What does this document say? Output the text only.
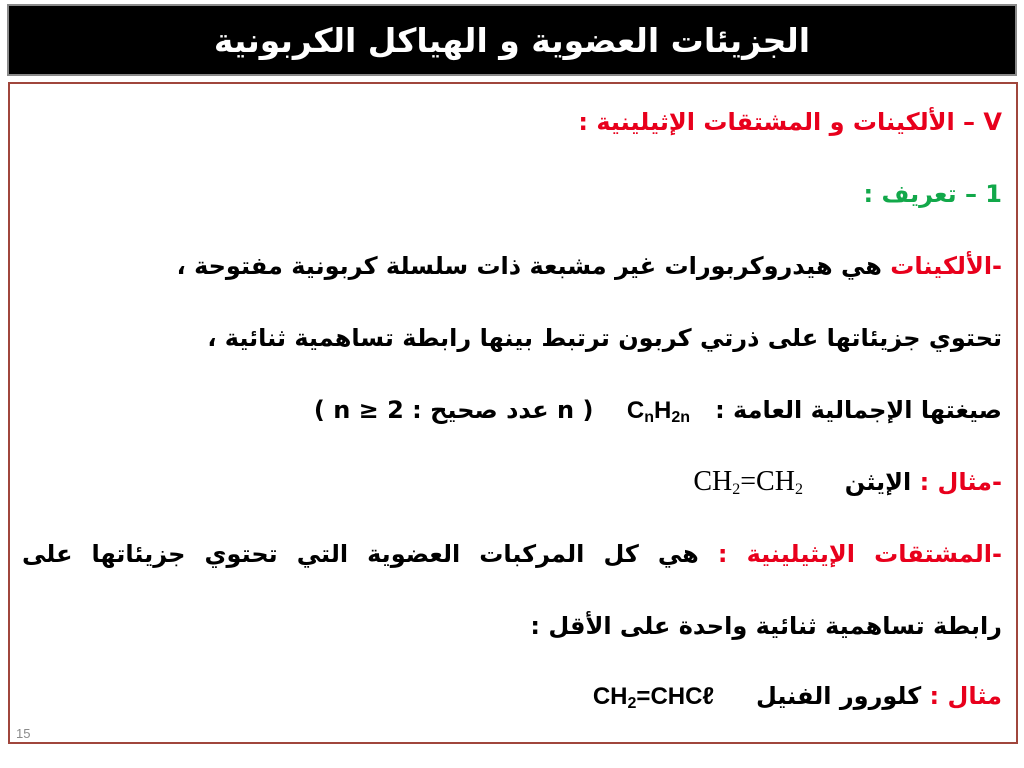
الجزيئات العضوية و الهياكل الكربونية
V – الألكينات و المشتقات الإثيلينية :
1 – تعريف :
-الألكينات هي هيدروكربورات غير مشبعة ذات سلسلة كربونية مفتوحة ،
تحتوي جزيئاتها على ذرتي كربون ترتبط بينها رابطة تساهمية ثنائية ،
صيغتها الإجمالية العامة :   $C_nH_{2n}$    ( n عدد صحيح : n ≥ 2 )
-مثال : الإيثن     $CH_2=CH_2$
-المشتقات الإيثيلينية : هي كل المركبات العضوية التي تحتوي جزيئاتها على
رابطة تساهمية ثنائية واحدة على الأقل :
مثال : كلورور الفنيل     $CH_2=CHC\ell$
15
